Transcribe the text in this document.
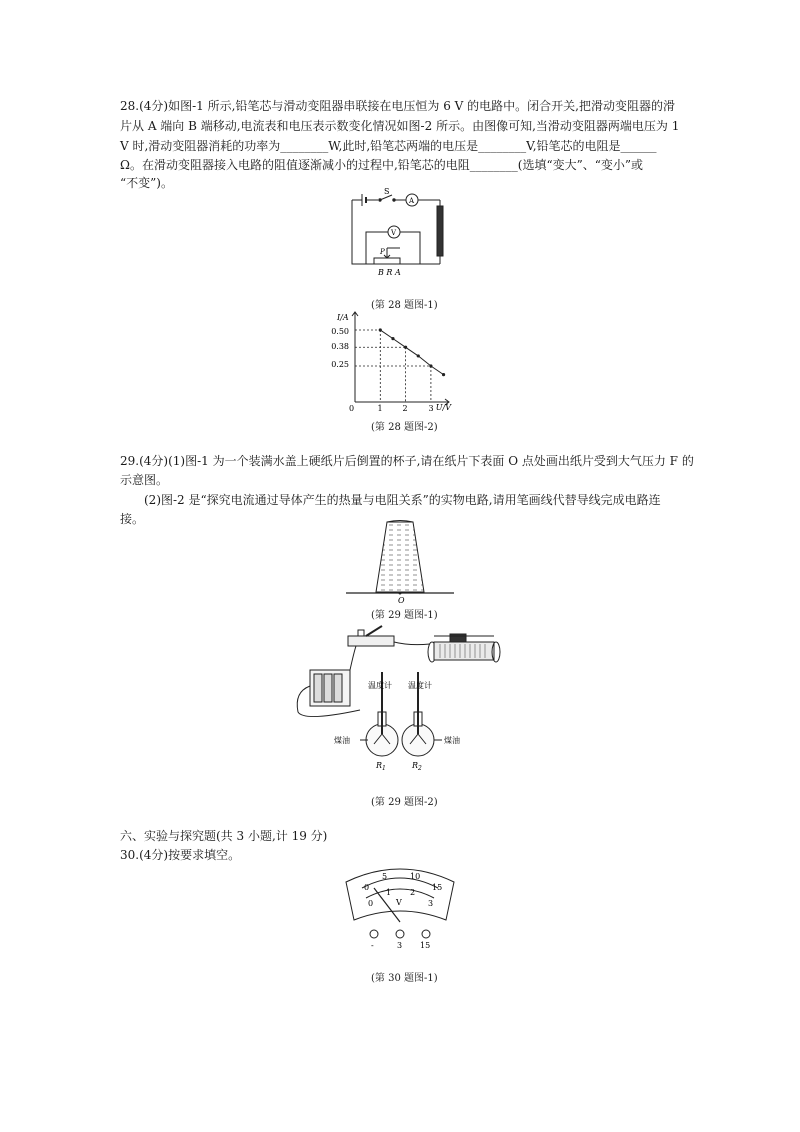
28.(4分)如图-1 所示,铅笔芯与滑动变阻器串联接在电压恒为 6 V 的电路中。闭合开关,把滑动变阻器的滑
片从 A 端向 B 端移动,电流表和电压表示数变化情况如图-2 所示。由图像可知,当滑动变阻器两端电压为 1
V 时,滑动变阻器消耗的功率为________W,此时,铅笔芯两端的电压是________V,铅笔芯的电阻是______
Ω。在滑动变阻器接入电路的阻值逐渐减小的过程中,铅笔芯的电阻________(选填“变大”、“变小”或
“不变”)。
S
A
V
P
B R A
(第 28 题图-1)
I/A
U/V
0
0.50
0.38
0.25
1 2	3
(第 28 题图-2)
29.(4分)(1)图-1 为一个装满水盖上硬纸片后倒置的杯子,请在纸片下表面 O 点处画出纸片受到大气压力 F 的
示意图。
(2)图-2 是“探究电流通过导体产生的热量与电阻关系”的实物电路,请用笔画线代替导线完成电路连
接。
O
(第 29 题图-1)
温度计 温度计
煤油	煤油
$R_1$	$R_2$
(第 29 题图-2)
六、实验与探究题(共 3 小题,计 19 分)
30.(4分)按要求填空。
0
5	10
15
0
1 2
3
V
-	3 15
(第 30 题图-1)
